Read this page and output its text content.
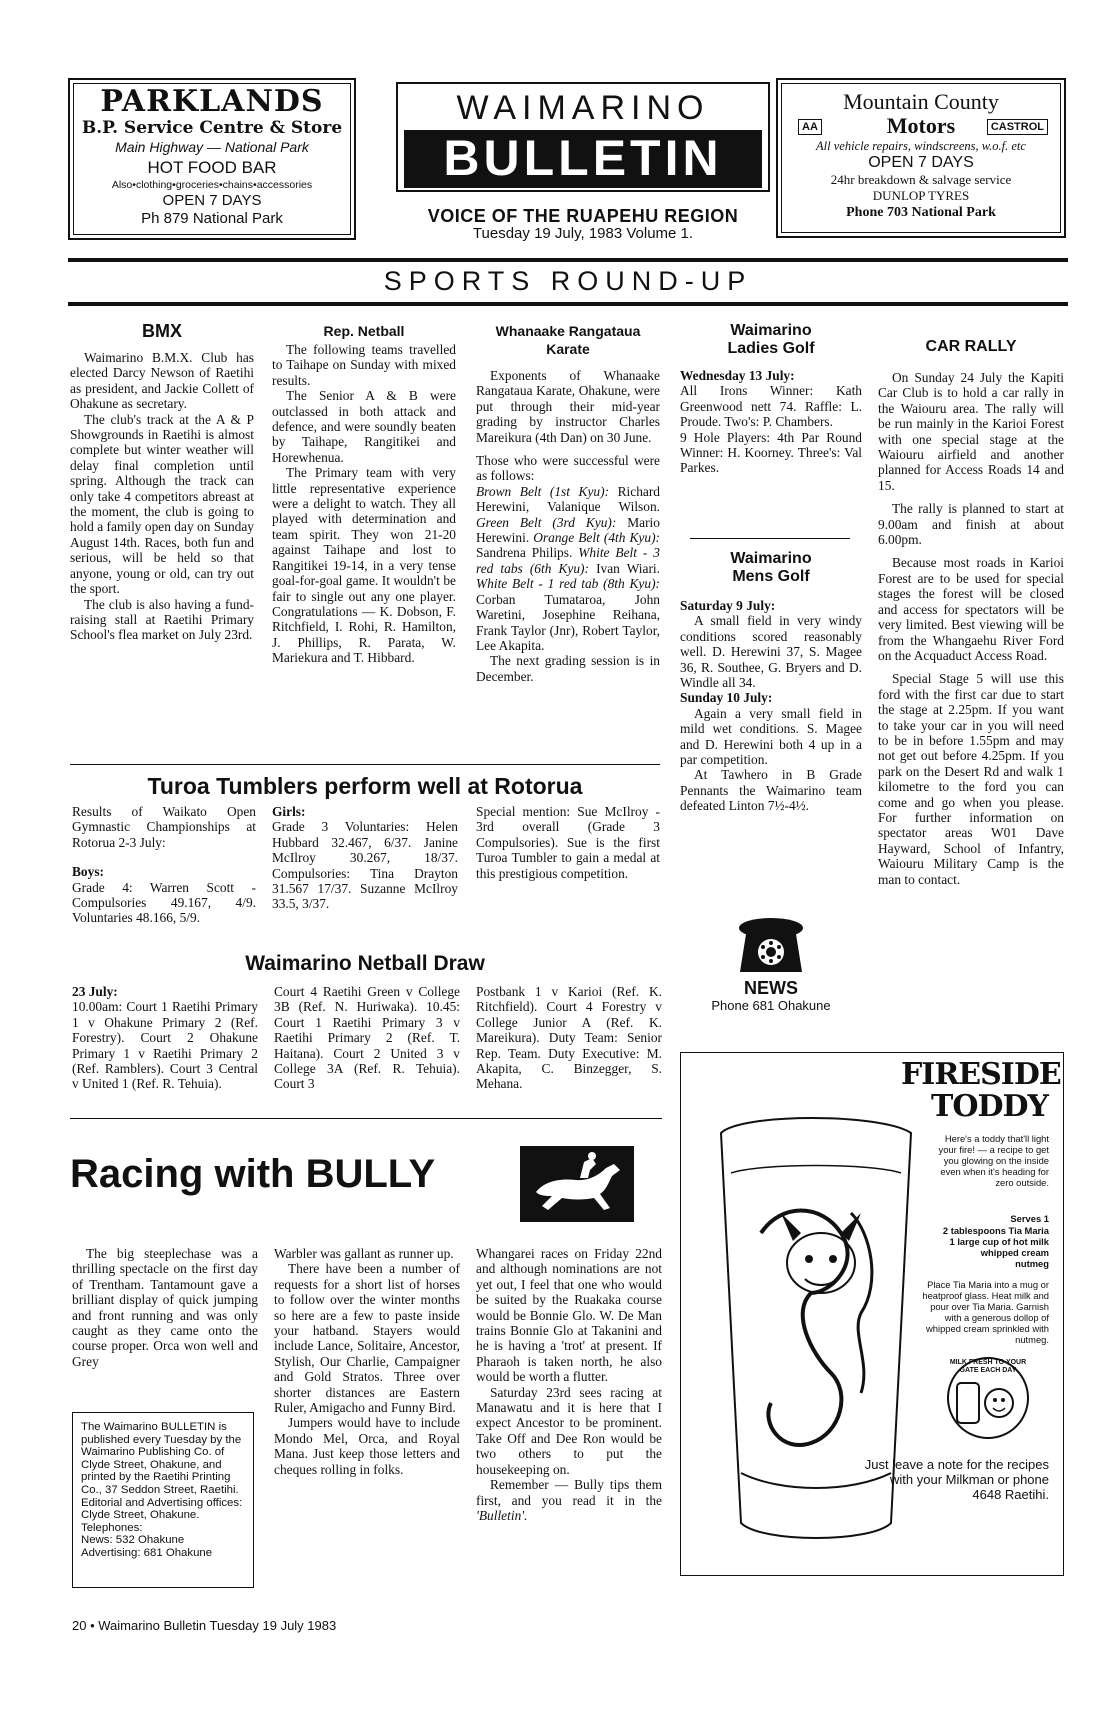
PARKLANDS
B.P. Service Centre & Store
Main Highway — National Park
HOT FOOD BAR
Also•clothing•groceries•chains•accessories
OPEN 7 DAYS
Ph 879 National Park
WAIMARINO
BULLETIN
VOICE OF THE RUAPEHU REGION
Tuesday 19 July, 1983 Volume 1.
Mountain County
AA	Motors	CASTROL
All vehicle repairs, windscreens, w.o.f. etc
OPEN 7 DAYS
24hr breakdown & salvage service
DUNLOP TYRES
Phone 703 National Park
SPORTS ROUND-UP
BMX

Waimarino B.M.X. Club has elected Darcy Newson of Raetihi as president, and Jackie Collett of Ohakune as secretary.

The club's track at the A & P Showgrounds in Raetihi is almost complete but winter weather will delay final completion until spring. Although the track can only take 4 competitors abreast at the moment, the club is going to hold a family open day on Sunday August 14th. Races, both fun and serious, will be held so that anyone, young or old, can try out the sport.

The club is also having a fund-raising stall at Raetihi Primary School's flea market on July 23rd.

Rep. Netball

The following teams travelled to Taihape on Sunday with mixed results.

The Senior A & B were outclassed in both attack and defence, and were soundly beaten by Taihape, Rangitikei and Horewhenua.

The Primary team with very little representative experience were a delight to watch. They all played with determination and team spirit. They won 21-20 against Taihape and lost to Rangitikei 19-14, in a very tense goal-for-goal game. It wouldn't be fair to single out any one player. Congratulations — K. Dobson, F. Ritchfield, I. Rohi, R. Hamilton, J. Phillips, R. Parata, W. Mariekura and T. Hibbard.

Whanaake Rangataua
Karate

Exponents of Whanaake Rangataua Karate, Ohakune, were put through their mid-year grading by instructor Charles Mareikura (4th Dan) on 30 June.

Those who were successful were as follows:

Brown Belt (1st Kyu): Richard Herewini, Valanique Wilson. Green Belt (3rd Kyu): Mario Herewini. Orange Belt (4th Kyu): Sandrena Philips. White Belt - 3 red tabs (6th Kyu): Ivan Wiari. White Belt - 1 red tab (8th Kyu): Corban Tumataroa, John Waretini, Josephine Reihana, Frank Taylor (Jnr), Robert Taylor, Lee Akapita.

The next grading session is in December.

Waimarino
Ladies Golf

Wednesday 13 July:

All Irons Winner: Kath Greenwood nett 74. Raffle: L. Proude. Two's: P. Chambers.

9 Hole Players: 4th Par Round Winner: H. Koorney. Three's: Val Parkes.

Waimarino
Mens Golf

Saturday 9 July:

A small field in very windy conditions scored reasonably well. D. Herewini 37, S. Magee 36, R. Southee, G. Bryers and D. Windle all 34.

Sunday 10 July:

Again a very small field in mild wet conditions. S. Magee and D. Herewini both 4 up in a par competition.

At Tawhero in B Grade Pennants the Waimarino team defeated Linton 7½-4½.

NEWS
Phone 681 Ohakune
CAR RALLY

On Sunday 24 July the Kapiti Car Club is to hold a car rally in the Waiouru area. The rally will be run mainly in the Karioi Forest with one special stage at the Waiouru airfield and another planned for Access Roads 14 and 15.

The rally is planned to start at 9.00am and finish at about 6.00pm.

Because most roads in Karioi Forest are to be used for special stages the forest will be closed and access for spectators will be very limited. Best viewing will be from the Whangaehu River Ford on the Acquaduct Access Road.

Special Stage 5 will use this ford with the first car due to start the stage at 2.25pm. If you want to take your car in you will need to be in before 1.55pm and may not get out before 4.25pm. If you park on the Desert Rd and walk 1 kilometre to the ford you can come and go when you please. For further information on spectator areas W01 Dave Hayward, School of Infantry, Waiouru Military Camp is the man to contact.

Turoa Tumblers perform well at Rotorua

Results of Waikato Open Gymnastic Championships at Rotorua 2-3 July:

Boys:

Grade 4: Warren Scott -Compulsories 49.167, 4/9. Voluntaries 48.166, 5/9.

Girls:

Grade 3 Voluntaries: Helen Hubbard 32.467, 6/37. Janine McIlroy 30.267, 18/37. Compulsories: Tina Drayton 31.567 17/37. Suzanne McIlroy 33.5, 3/37.

Special mention: Sue McIlroy - 3rd overall (Grade 3 Compulsories). Sue is the first Turoa Tumbler to gain a medal at this prestigious competition.

Waimarino Netball Draw

23 July:

10.00am: Court 1 Raetihi Primary 1 v Ohakune Primary 2 (Ref. Forestry). Court 2 Ohakune Primary 1 v Raetihi Primary 2 (Ref. Ramblers). Court 3 Central v United 1 (Ref. R. Tehuia).

Court 4 Raetihi Green v College 3B (Ref. N. Huriwaka). 10.45: Court 1 Raetihi Primary 3 v Raetihi Primary 2 (Ref. T. Haitana). Court 2 United 3 v College 3A (Ref. R. Tehuia). Court 3

Postbank 1 v Karioi (Ref. K. Ritchfield). Court 4 Forestry v College Junior A (Ref. K. Mareikura). Duty Team: Senior Rep. Team. Duty Executive: M. Akapita, C. Binzegger, S. Mehana.

Racing with BULLY

The big steeplechase was a thrilling spectacle on the first day of Trentham. Tantamount gave a brilliant display of quick jumping and front running and was only caught as they came onto the course proper. Orca won well and Grey

Warbler was gallant as runner up.

There have been a number of requests for a short list of horses to follow over the winter months so here are a few to paste inside your hatband. Stayers would include Lance, Solitaire, Ancestor, Stylish, Our Charlie, Campaigner and Gold Stratos. Three over shorter distances are Eastern Ruler, Amigacho and Funny Bird.

Jumpers would have to include Mondo Mel, Orca, and Royal Mana. Just keep those letters and cheques rolling in folks.

Whangarei races on Friday 22nd and although nominations are not yet out, I feel that one who would be suited by the Ruakaka course would be Bonnie Glo. W. De Man trains Bonnie Glo at Takanini and he is having a 'trot' at present. If Pharaoh is taken north, he also would be worth a flutter.

Saturday 23rd sees racing at Manawatu and it is here that I expect Ancestor to be prominent. Take Off and Dee Ron would be two others to put the housekeeping on.

Remember — Bully tips them first, and you read it in the 'Bulletin'.

The Waimarino BULLETIN is published every Tuesday by the Waimarino Publishing Co. of Clyde Street, Ohakune, and printed by the Raetihi Printing Co., 37 Seddon Street, Raetihi. Editorial and Advertising offices: Clyde Street, Ohakune.
Telephones:
News: 532 Ohakune
Advertising: 681 Ohakune
FIRESIDE
TODDY
Here's a toddy that'll light your fire! — a recipe to get you glowing on the inside even when it's heading for zero outside.
Serves 1
2 tablespoons Tia Maria
1 large cup of hot milk
whipped cream
nutmeg
Place Tia Maria into a mug or heatproof glass. Heat milk and pour over Tia Maria. Garnish with a generous dollop of whipped cream sprinkled with nutmeg.
MILK FRESH TO YOUR GATE EACH DAY
Just leave a note for the recipes with your Milkman or phone 4648 Raetihi.
20 • Waimarino Bulletin Tuesday 19 July 1983
